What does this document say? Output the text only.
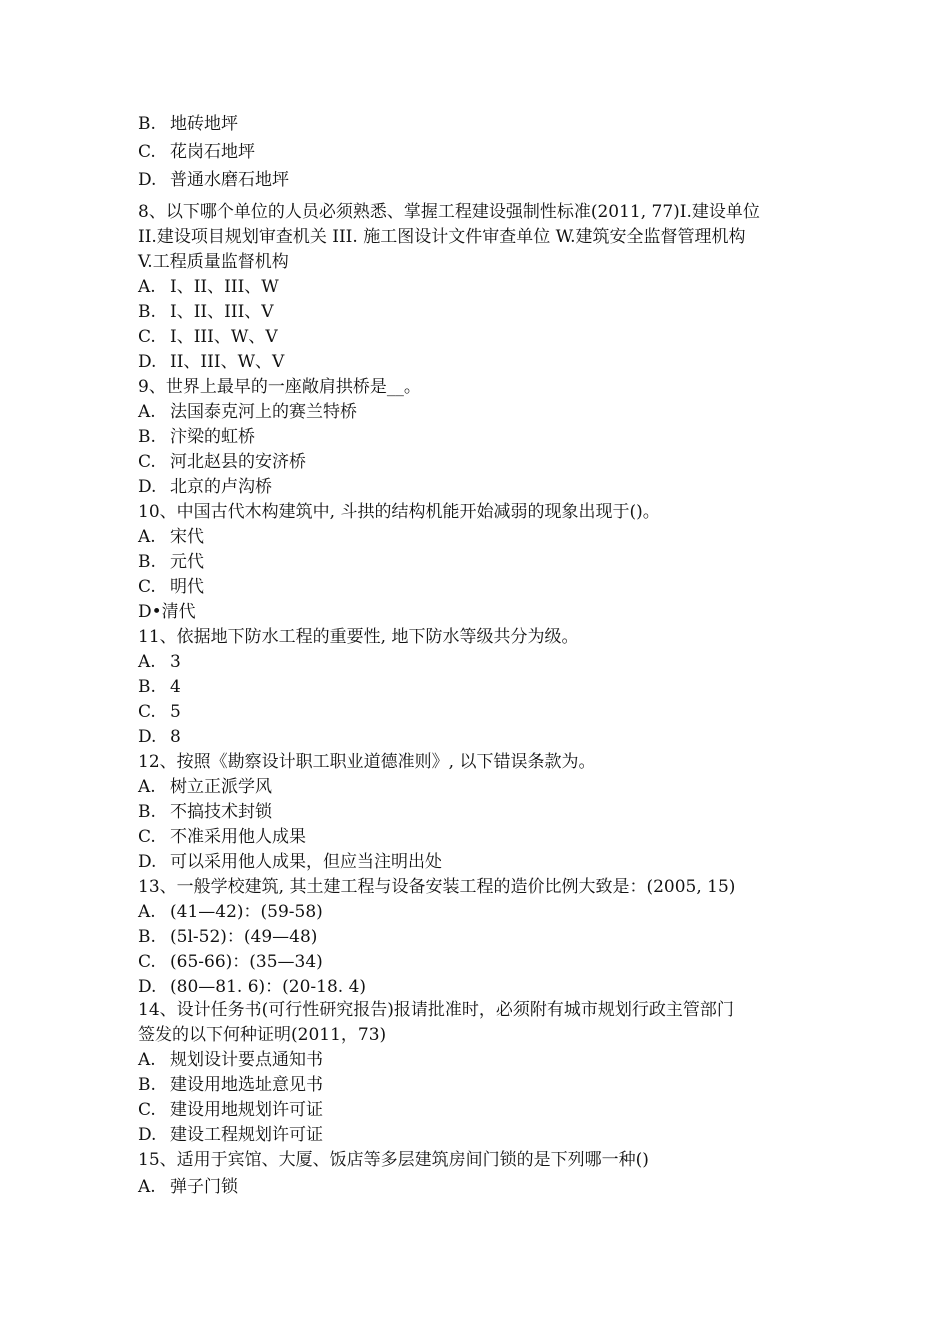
B. 地砖地坪
C. 花岗石地坪
D. 普通水磨石地坪
8、以下哪个单位的人员必须熟悉、掌握工程建设强制性标准(2011, 77)I.建设单位
II.建设项目规划审查机关 III. 施工图设计文件审查单位 W.建筑安全监督管理机构
V.工程质量监督机构
A. I、II、III、W
B. I、II、III、V
C. I、III、W、V
D. II、III、W、V
9、世界上最早的一座敞肩拱桥是__。
A. 法国泰克河上的赛兰特桥
B. 汴梁的虹桥
C. 河北赵县的安济桥
D. 北京的卢沟桥
10、中国古代木构建筑中, 斗拱的结构机能开始减弱的现象出现于()。
A. 宋代
B. 元代
C. 明代
D•清代
11、依据地下防水工程的重要性, 地下防水等级共分为级。
A. 3
B. 4
C. 5
D. 8
12、按照《勘察设计职工职业道德准则》, 以下错误条款为。
A. 树立正派学风
B. 不搞技术封锁
C. 不准采用他人成果
D. 可以采用他人成果，但应当注明出处
13、一般学校建筑, 其土建工程与设备安装工程的造价比例大致是：(2005, 15)
A. (41—42)：(59-58)
B. (5l-52)：(49—48)
C. (65-66)：(35—34)
D. (80—81. 6)：(20-18. 4)
14、设计任务书(可行性研究报告)报请批准时，必须附有城市规划行政主管部门
签发的以下何种证明(2011，73)
A. 规划设计要点通知书
B. 建设用地选址意见书
C. 建设用地规划许可证
D. 建设工程规划许可证
15、适用于宾馆、大厦、饭店等多层建筑房间门锁的是下列哪一种()
A. 弹子门锁
